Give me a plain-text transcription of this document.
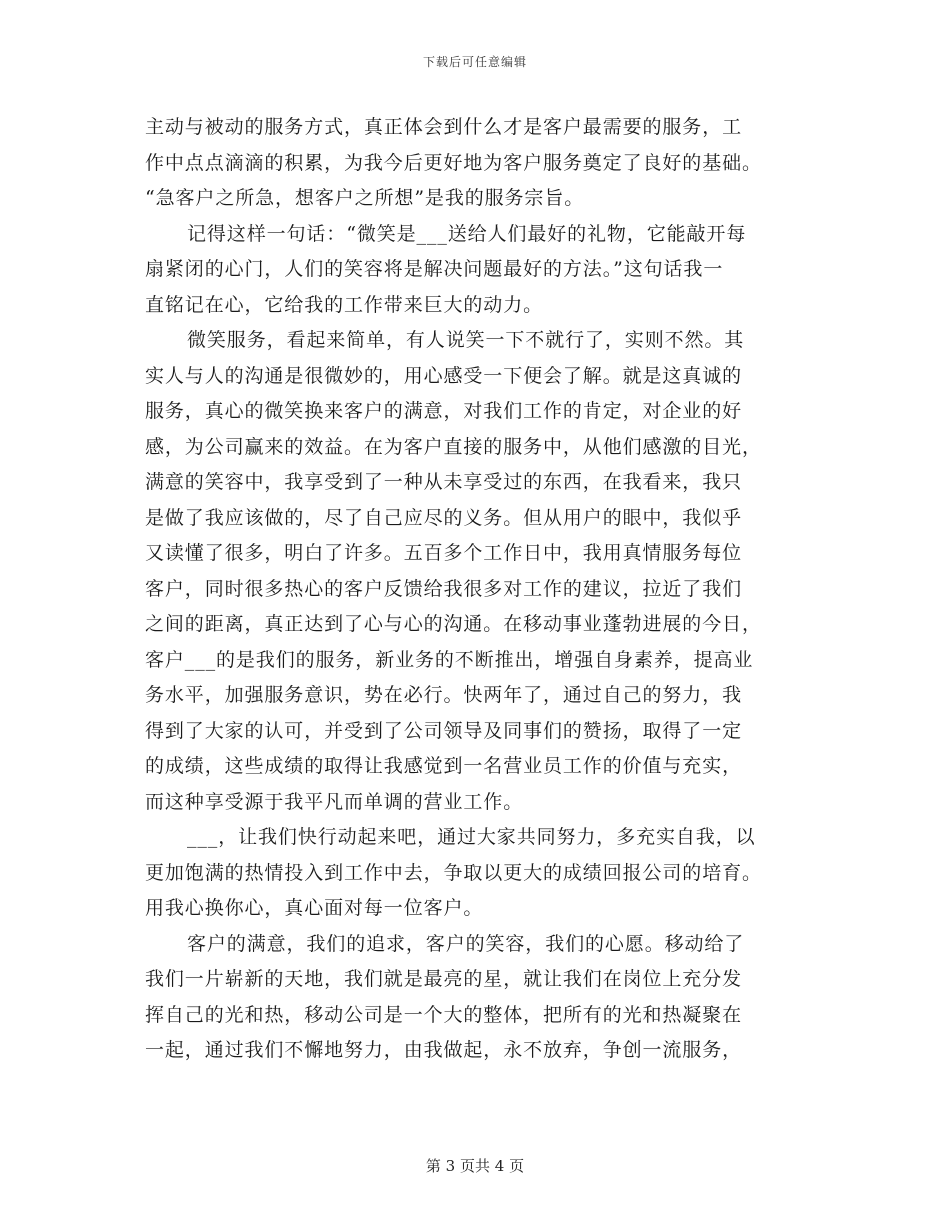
下载后可任意编辑
主动与被动的服务方式，真正体会到什么才是客户最需要的服务，工
作中点点滴滴的积累，为我今后更好地为客户服务奠定了良好的基础。
“急客户之所急，想客户之所想”是我的服务宗旨。
记得这样一句话：“微笑是___送给人们最好的礼物，它能敲开每
扇紧闭的心门，人们的笑容将是解决问题最好的方法。”这句话我一
直铭记在心，它给我的工作带来巨大的动力。
微笑服务，看起来简单，有人说笑一下不就行了，实则不然。其
实人与人的沟通是很微妙的，用心感受一下便会了解。就是这真诚的
服务，真心的微笑换来客户的满意，对我们工作的肯定，对企业的好
感，为公司赢来的效益。在为客户直接的服务中，从他们感激的目光，
满意的笑容中，我享受到了一种从未享受过的东西，在我看来，我只
是做了我应该做的，尽了自己应尽的义务。但从用户的眼中，我似乎
又读懂了很多，明白了许多。五百多个工作日中，我用真情服务每位
客户，同时很多热心的客户反馈给我很多对工作的建议，拉近了我们
之间的距离，真正达到了心与心的沟通。在移动事业蓬勃进展的今日，
客户___的是我们的服务，新业务的不断推出，增强自身素养，提高业
务水平，加强服务意识，势在必行。快两年了，通过自己的努力，我
得到了大家的认可，并受到了公司领导及同事们的赞扬，取得了一定
的成绩，这些成绩的取得让我感觉到一名营业员工作的价值与充实，
而这种享受源于我平凡而单调的营业工作。
___，让我们快行动起来吧，通过大家共同努力，多充实自我，以
更加饱满的热情投入到工作中去，争取以更大的成绩回报公司的培育。
用我心换你心，真心面对每一位客户。
客户的满意，我们的追求，客户的笑容，我们的心愿。移动给了
我们一片崭新的天地，我们就是最亮的星，就让我们在岗位上充分发
挥自己的光和热，移动公司是一个大的整体，把所有的光和热凝聚在
一起，通过我们不懈地努力，由我做起，永不放弃，争创一流服务，
第 3 页共 4 页
